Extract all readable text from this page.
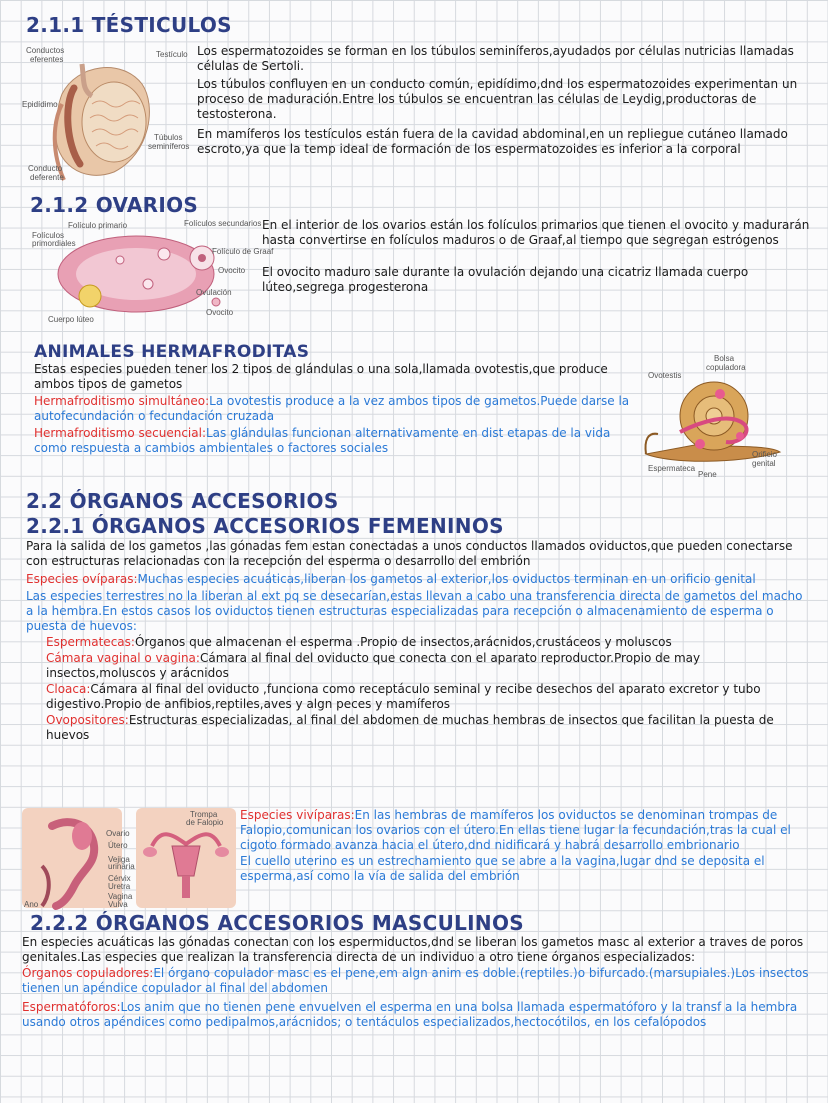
2.1.1 TÉSTICULOS
Conductos
eferentes
Testículo
Epidídimo
Túbulos
seminíferos
Conducto
deferente

Los espermatozoides se forman en los túbulos seminíferos,ayudados por células nutricias llamadas células de Sertoli.

Los túbulos confluyen en un conducto común, epidídimo,dnd los espermatozoides experimentan un proceso de maduración.Entre los túbulos se encuentran las células de Leydig,productoras de testosterona.

En mamíferos los testículos están fuera de la cavidad abdominal,en un repliegue cutáneo llamado escroto,ya que la temp ideal de formación de los espermatozoides es inferior a la corporal

2.1.2 OVARIOS
Folículo primario	Folículos secundarios
Folículos
primordiales
Folículo de Graaf
Ovocito
Ovulación
Ovocito
Cuerpo lúteo

En el interior de los ovarios están los folículos primarios que tienen el ovocito y madurarán hasta convertirse en folículos maduros o de Graaf,al tiempo que segregan estrógenos

El ovocito maduro sale durante la ovulación dejando una cicatriz llamada cuerpo lúteo,segrega progesterona

ANIMALES HERMAFRODITAS

Estas especies pueden tener los 2 tipos de glándulas o una sola,llamada ovotestis,que produce ambos tipos de gametos

Hermafroditismo simultáneo:La ovotestis produce a la vez ambos tipos de gametos.Puede darse la autofecundación o fecundación cruzada

Hermafroditismo secuencial:Las glándulas funcionan alternativamente en dist etapas de la vida como respuesta a cambios ambientales o factores sociales

Bolsa
copuladora
Ovotestis
Espermateca
Pene
Orificio
genital
2.2 ÓRGANOS ACCESORIOS
2.2.1 ÓRGANOS ACCESORIOS FEMENINOS

Para la salida de los gametos ,las gónadas fem estan conectadas a unos conductos llamados oviductos,que pueden conectarse con estructuras relacionadas con la recepción del esperma o desarrollo del embrión

Especies ovíparas:Muchas especies acuáticas,liberan los gametos al exterior,los oviductos terminan en un orificio genital

Las especies terrestres no la liberan al ext pq se desecarían,estas llevan a cabo una transferencia directa de gametos del macho a la hembra.En estos casos los oviductos tienen estructuras especializadas para recepción o almacenamiento de esperma o puesta de huevos:

Espermatecas:Órganos que almacenan el esperma .Propio de insectos,arácnidos,crustáceos y moluscos

Cámara vaginal o vagina:Cámara al final del oviducto que conecta con el aparato reproductor.Propio de may insectos,moluscos y arácnidos

Cloaca:Cámara al final del oviducto ,funciona como receptáculo seminal y recibe desechos del aparato excretor y tubo digestivo.Propio de anfibios,reptiles,aves y algn peces y mamíferos

Ovopositores:Estructuras especializadas, al final del abdomen de muchas hembras de insectos que facilitan la puesta de huevos

Ovario
Útero
Vejiga
urinaria
Cérvix
Uretra
Vagina
Vulva
Ano
Trompa
de Falopio

Especies vivíparas:En las hembras de mamíferos los oviductos se denominan trompas de Falopio,comunican los ovarios con el útero.En ellas tiene lugar la fecundación,tras la cual el cigoto formado avanza hacia el útero,dnd nidificará y habrá desarrollo embrionario

El cuello uterino es un estrechamiento que se abre a la vagina,lugar dnd se deposita el esperma,así como la vía de salida del embrión

2.2.2 ÓRGANOS ACCESORIOS MASCULINOS

En especies acuáticas las gónadas conectan con los espermiductos,dnd se liberan los gametos masc al exterior a traves de poros genitales.Las especies que realizan la transferencia directa de un individuo a otro tiene órganos especializados:

Órganos copuladores:El órgano copulador masc es el pene,em algn anim es doble.(reptiles.)o bifurcado.(marsupiales.)Los insectos tienen un apéndice copulador al final del abdomen

Espermatóforos:Los anim que no tienen pene envuelven el esperma en una bolsa llamada espermatóforo y la transf a la hembra usando otros apéndices como pedipalmos,arácnidos; o tentáculos especializados,hectocótilos, en los cefalópodos
